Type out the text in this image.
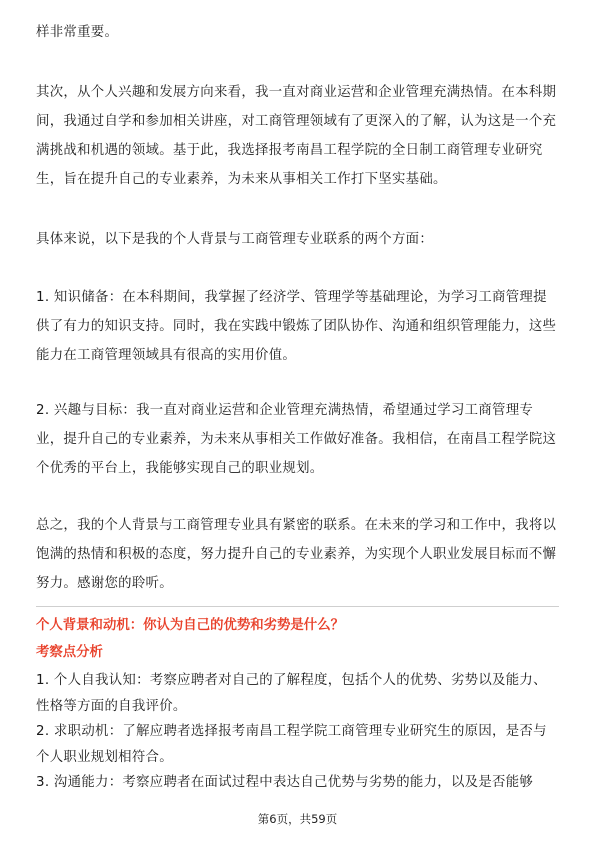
样非常重要。

其次，从个人兴趣和发展方向来看，我一直对商业运营和企业管理充满热情。在本科期间，我通过自学和参加相关讲座，对工商管理领域有了更深入的了解，认为这是一个充满挑战和机遇的领域。基于此，我选择报考南昌工程学院的全日制工商管理专业研究生，旨在提升自己的专业素养，为未来从事相关工作打下坚实基础。

具体来说，以下是我的个人背景与工商管理专业联系的两个方面：

1. 知识储备：在本科期间，我掌握了经济学、管理学等基础理论，为学习工商管理提供了有力的知识支持。同时，我在实践中锻炼了团队协作、沟通和组织管理能力，这些能力在工商管理领域具有很高的实用价值。

2. 兴趣与目标：我一直对商业运营和企业管理充满热情，希望通过学习工商管理专业，提升自己的专业素养，为未来从事相关工作做好准备。我相信，在南昌工程学院这个优秀的平台上，我能够实现自己的职业规划。

总之，我的个人背景与工商管理专业具有紧密的联系。在未来的学习和工作中，我将以饱满的热情和积极的态度，努力提升自己的专业素养，为实现个人职业发展目标而不懈努力。感谢您的聆听。

个人背景和动机：你认为自己的优势和劣势是什么？
考察点分析

1. 个人自我认知：考察应聘者对自己的了解程度，包括个人的优势、劣势以及能力、性格等方面的自我评价。

2. 求职动机：了解应聘者选择报考南昌工程学院工商管理专业研究生的原因，是否与个人职业规划相符合。

3. 沟通能力：考察应聘者在面试过程中表达自己优势与劣势的能力，以及是否能够

第6页，共59页
